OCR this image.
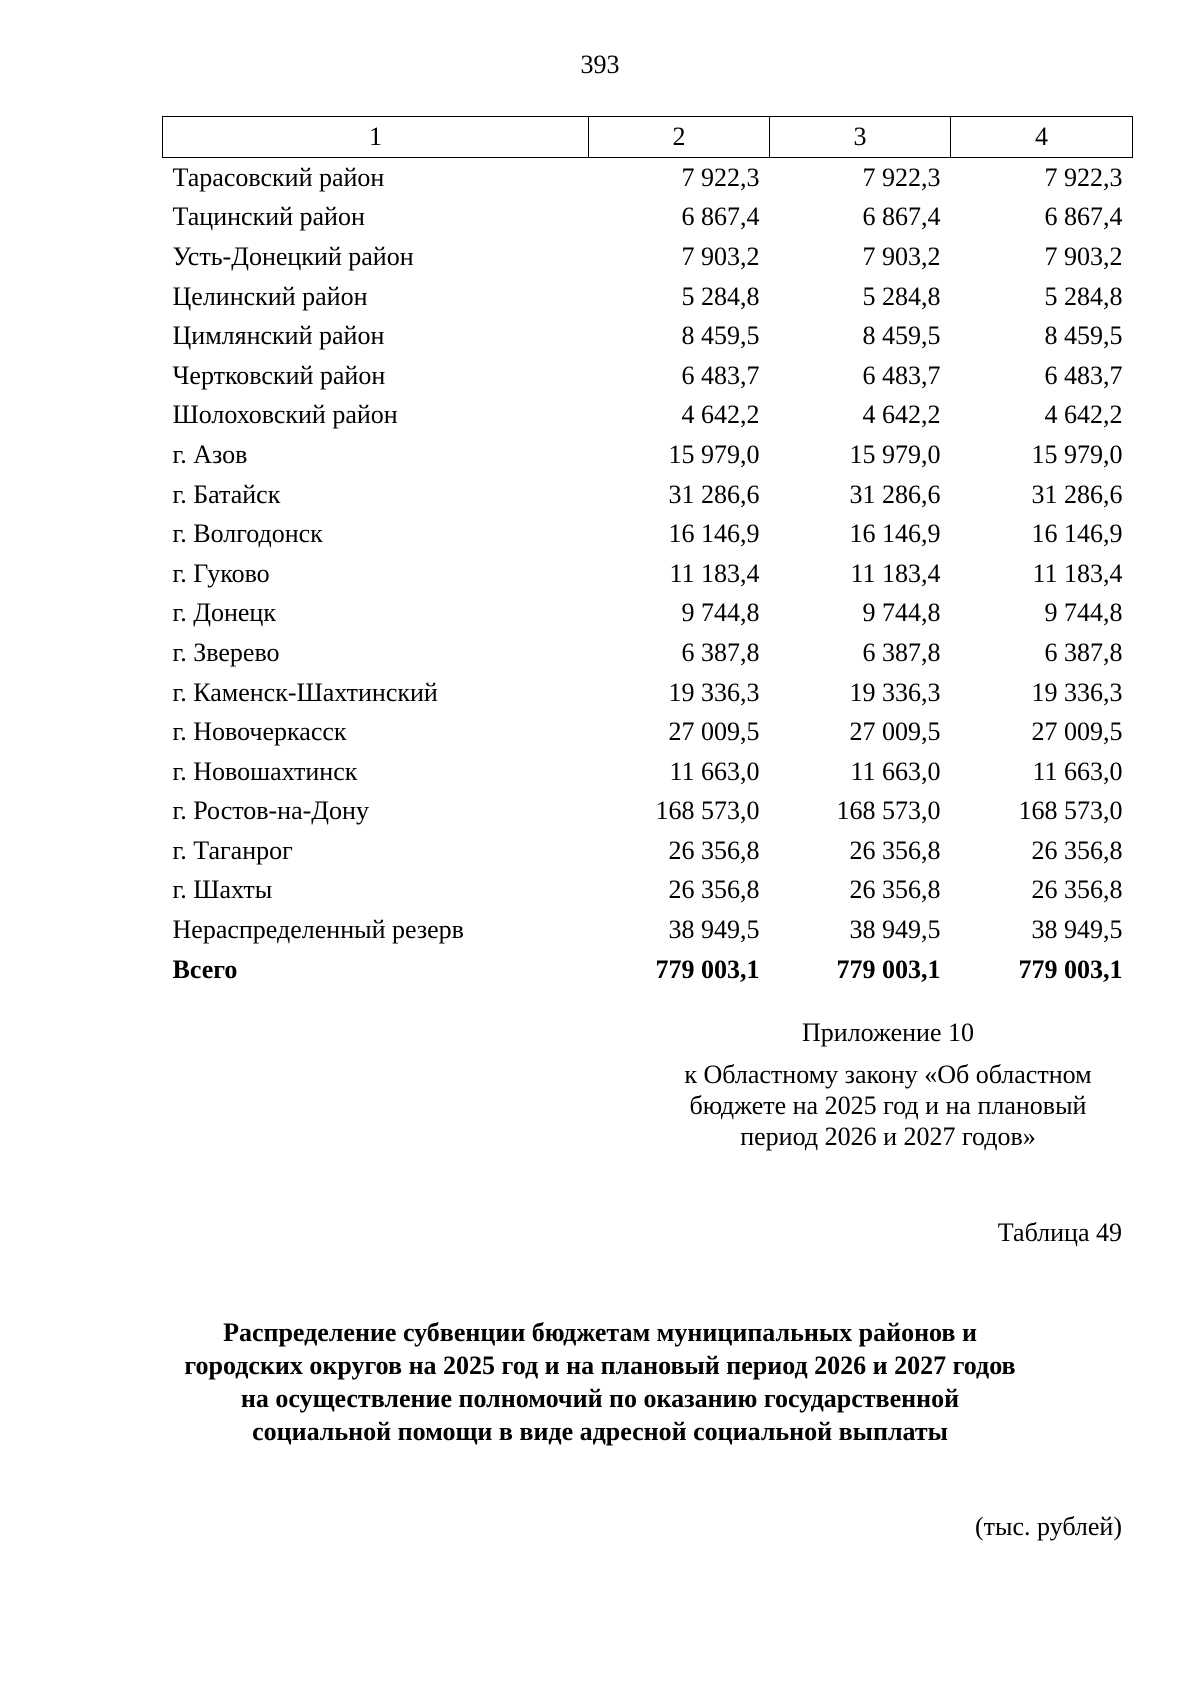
393
1	2	3	4
Тарасовский район	7 922,3	7 922,3	7 922,3
Тацинский район	6 867,4	6 867,4	6 867,4
Усть-Донецкий район	7 903,2	7 903,2	7 903,2
Целинский район	5 284,8	5 284,8	5 284,8
Цимлянский район	8 459,5	8 459,5	8 459,5
Чертковский район	6 483,7	6 483,7	6 483,7
Шолоховский район	4 642,2	4 642,2	4 642,2
г. Азов	15 979,0	15 979,0	15 979,0
г. Батайск	31 286,6	31 286,6	31 286,6
г. Волгодонск	16 146,9	16 146,9	16 146,9
г. Гуково	11 183,4	11 183,4	11 183,4
г. Донецк	9 744,8	9 744,8	9 744,8
г. Зверево	6 387,8	6 387,8	6 387,8
г. Каменск-Шахтинский	19 336,3	19 336,3	19 336,3
г. Новочеркасск	27 009,5	27 009,5	27 009,5
г. Новошахтинск	11 663,0	11 663,0	11 663,0
г. Ростов-на-Дону	168 573,0	168 573,0	168 573,0
г. Таганрог	26 356,8	26 356,8	26 356,8
г. Шахты	26 356,8	26 356,8	26 356,8
Нераспределенный резерв	38 949,5	38 949,5	38 949,5
Всего	779 003,1	779 003,1	779 003,1
Приложение 10
к Областному закону «Об областном
бюджете на 2025 год и на плановый
период 2026 и 2027 годов»
Таблица 49
Распределение субвенции бюджетам муниципальных районов и
городских округов на 2025 год и на плановый период 2026 и 2027 годов
на осуществление полномочий по оказанию государственной
социальной помощи в виде адресной социальной выплаты
(тыс. рублей)
